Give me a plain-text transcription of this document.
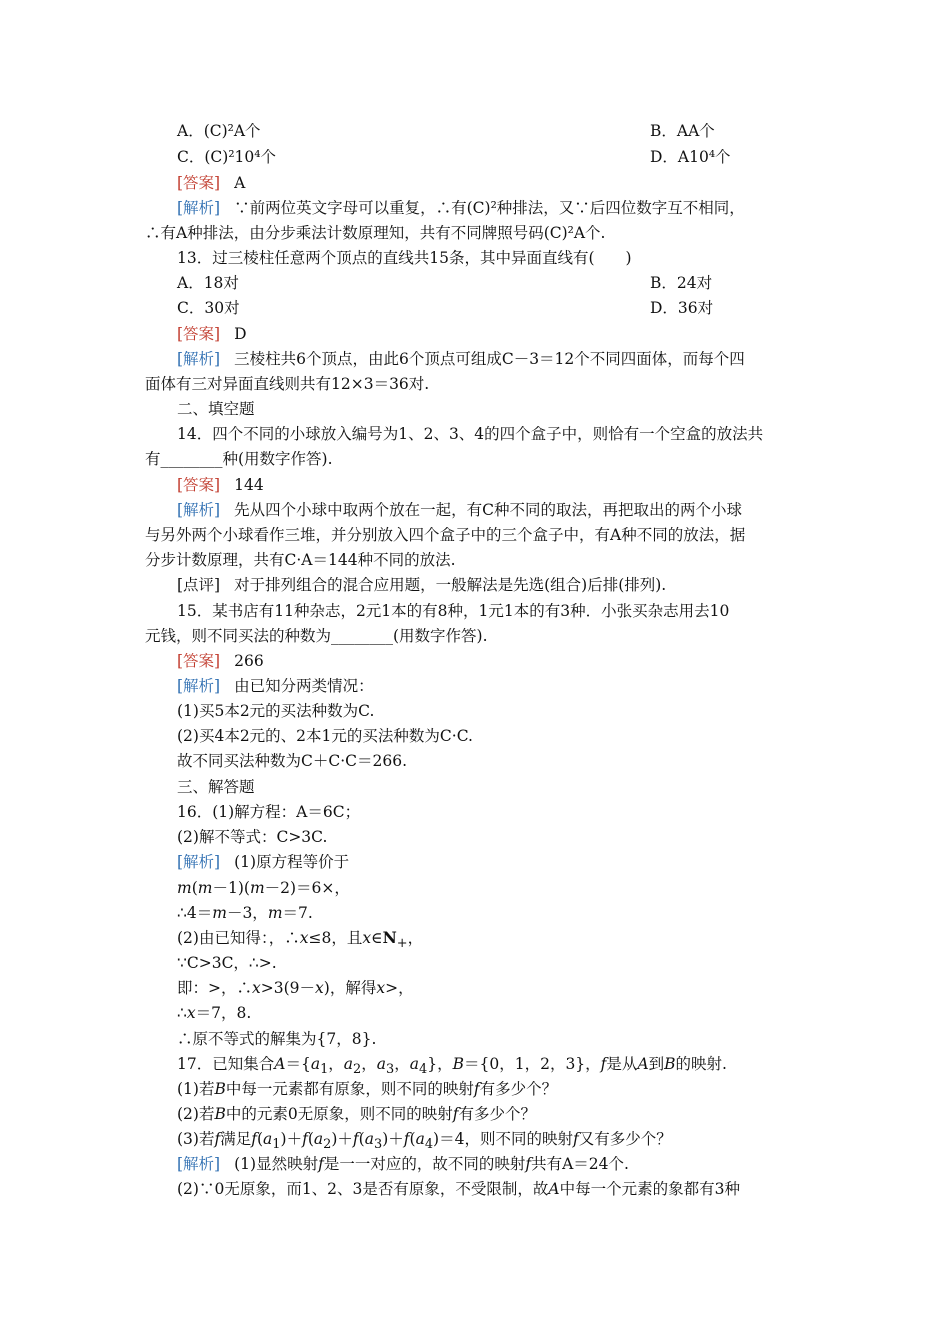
A．(C)²A个	B．AA个
C．(C)²10⁴个	D．A10⁴个
[答案] A
[解析] ∵前两位英文字母可以重复，∴有(C)²种排法，又∵后四位数字互不相同，
∴有A种排法，由分步乘法计数原理知，共有不同牌照号码(C)²A个.
13．过三棱柱任意两个顶点的直线共15条，其中异面直线有(　　)
A．18对	B．24对
C．30对	D．36对
[答案] D
[解析] 三棱柱共6个顶点，由此6个顶点可组成C－3＝12个不同四面体，而每个四
面体有三对异面直线则共有12×3＝36对.
二、填空题
14．四个不同的小球放入编号为1、2、3、4的四个盒子中，则恰有一个空盒的放法共
有________种(用数字作答).
[答案] 144
[解析] 先从四个小球中取两个放在一起，有C种不同的取法，再把取出的两个小球
与另外两个小球看作三堆，并分别放入四个盒子中的三个盒子中，有A种不同的放法，据
分步计数原理，共有C·A＝144种不同的放法.
[点评] 对于排列组合的混合应用题，一般解法是先选(组合)后排(排列).
15．某书店有11种杂志，2元1本的有8种，1元1本的有3种．小张买杂志用去10
元钱，则不同买法的种数为________(用数字作答).
[答案] 266
[解析] 由已知分两类情况：
(1)买5本2元的买法种数为C.
(2)买4本2元的、2本1元的买法种数为C·C.
故不同买法种数为C＋C·C＝266.
三、解答题
16．(1)解方程：A＝6C；
(2)解不等式：C>3C.
[解析] (1)原方程等价于
m(m－1)(m－2)＝6×，
∴4＝m－3，m＝7.
(2)由已知得：，∴x≤8，且$x\in N_+$，
∵C>3C，∴>.
即：>，∴x>3(9－x)，解得x>，
∴x＝7，8.
∴原不等式的解集为{7，8}.
17．已知集合$A=\{a_1$，$a_2$，$a_3$，$a_4$}，B＝{0，1，2，3}，f是从A到B的映射.
(1)若B中每一元素都有原象，则不同的映射f有多少个？
(2)若B中的元素0无原象，则不同的映射f有多少个？
(3)若f满足$f(a_1)+f(a_2)+f(a_3)+f(a_4)=4$，则不同的映射f又有多少个？
[解析] (1)显然映射f是一一对应的，故不同的映射f共有A＝24个.
(2)∵0无原象，而1、2、3是否有原象，不受限制，故A中每一个元素的象都有3种
